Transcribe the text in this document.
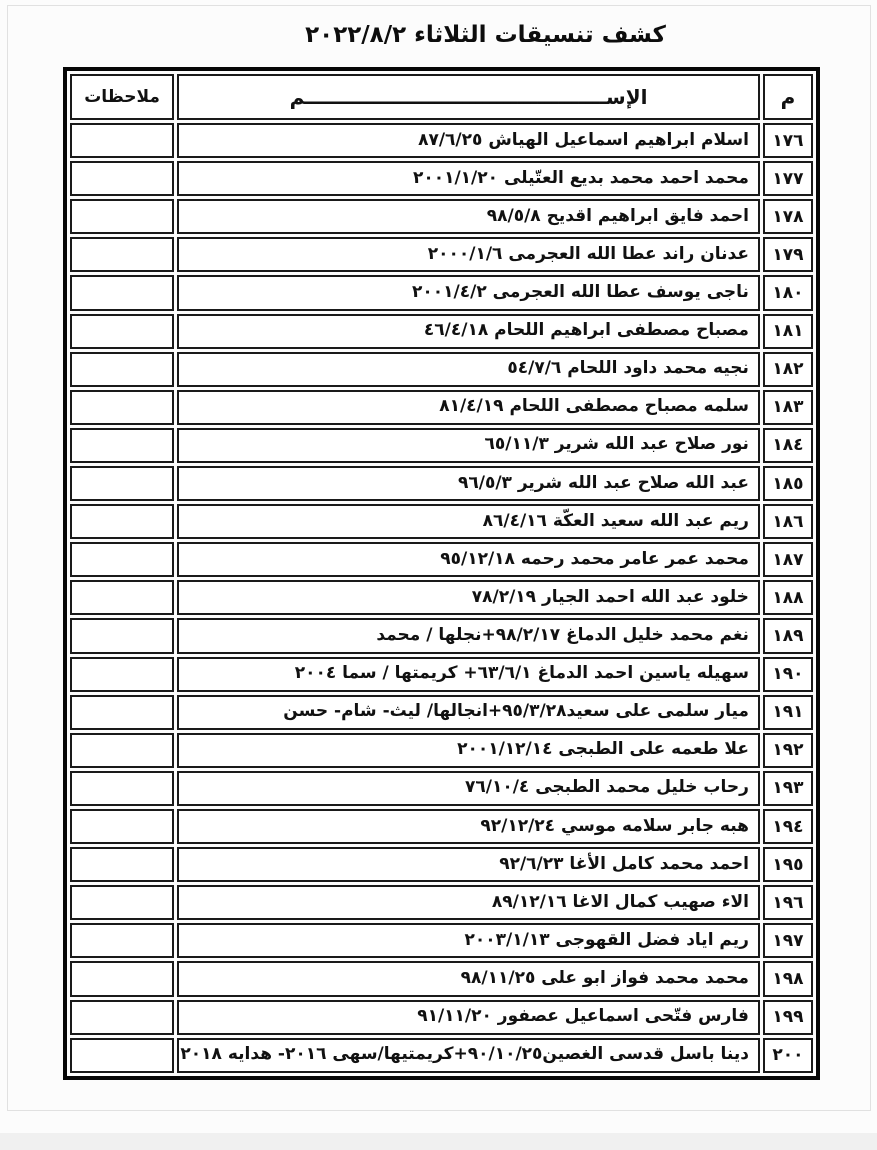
كشف تنسيقات الثلاثاء ٢٠٢٢/٨/٢
م	الإســــــــــــــــــــــــــــــــــــــــــــم	ملاحظات
١٧٦	اسلام ابراهيم اسماعيل الهياش ٨٧/٦/٢٥	
١٧٧	محمد احمد محمد بديع العتّيلى ٢٠٠١/١/٢٠	
١٧٨	احمد فايق ابراهيم اقديح ٩٨/٥/٨	
١٧٩	عدنان راند عطا الله العجرمى ٢٠٠٠/١/٦	
١٨٠	ناجى يوسف عطا الله العجرمى ٢٠٠١/٤/٢	
١٨١	مصباح مصطفى ابراهيم اللحام ٤٦/٤/١٨	
١٨٢	نجيه محمد داود اللحام ٥٤/٧/٦	
١٨٣	سلمه مصباح مصطفى اللحام ٨١/٤/١٩	
١٨٤	نور صلاح عبد الله شرير ٦٥/١١/٣	
١٨٥	عبد الله صلاح عبد الله شرير ٩٦/٥/٣	
١٨٦	ريم عبد الله سعيد العكّة ٨٦/٤/١٦	
١٨٧	محمد عمر عامر محمد رحمه ٩٥/١٢/١٨	
١٨٨	خلود عبد الله احمد الجيار ٧٨/٢/١٩	
١٨٩	نغم محمد خليل الدماغ ٩٨/٢/١٧+نجلها / محمد	
١٩٠	سهيله ياسين احمد الدماغ ٦٣/٦/١+ كريمتها / سما ٢٠٠٤	
١٩١	ميار سلمى على سعيد٩٥/٣/٢٨+انجالها/ ليث- شام- حسن	
١٩٢	علا طعمه على الطبجى ٢٠٠١/١٢/١٤	
١٩٣	رحاب خليل محمد الطبجى ٧٦/١٠/٤	
١٩٤	هبه جابر سلامه موسي ٩٢/١٢/٢٤	
١٩٥	احمد محمد كامل الأغا ٩٢/٦/٢٣	
١٩٦	الاء صهيب كمال الاغا ٨٩/١٢/١٦	
١٩٧	ريم اياد فضل القهوجى ٢٠٠٣/١/١٣	
١٩٨	محمد محمد فواز ابو على ٩٨/١١/٢٥	
١٩٩	فارس فتّحى اسماعيل عصفور ٩١/١١/٢٠	
٢٠٠	دينا باسل قدسى الغصين٩٠/١٠/٢٥+كريمتيها/سهى ٢٠١٦- هدايه ٢٠١٨	
